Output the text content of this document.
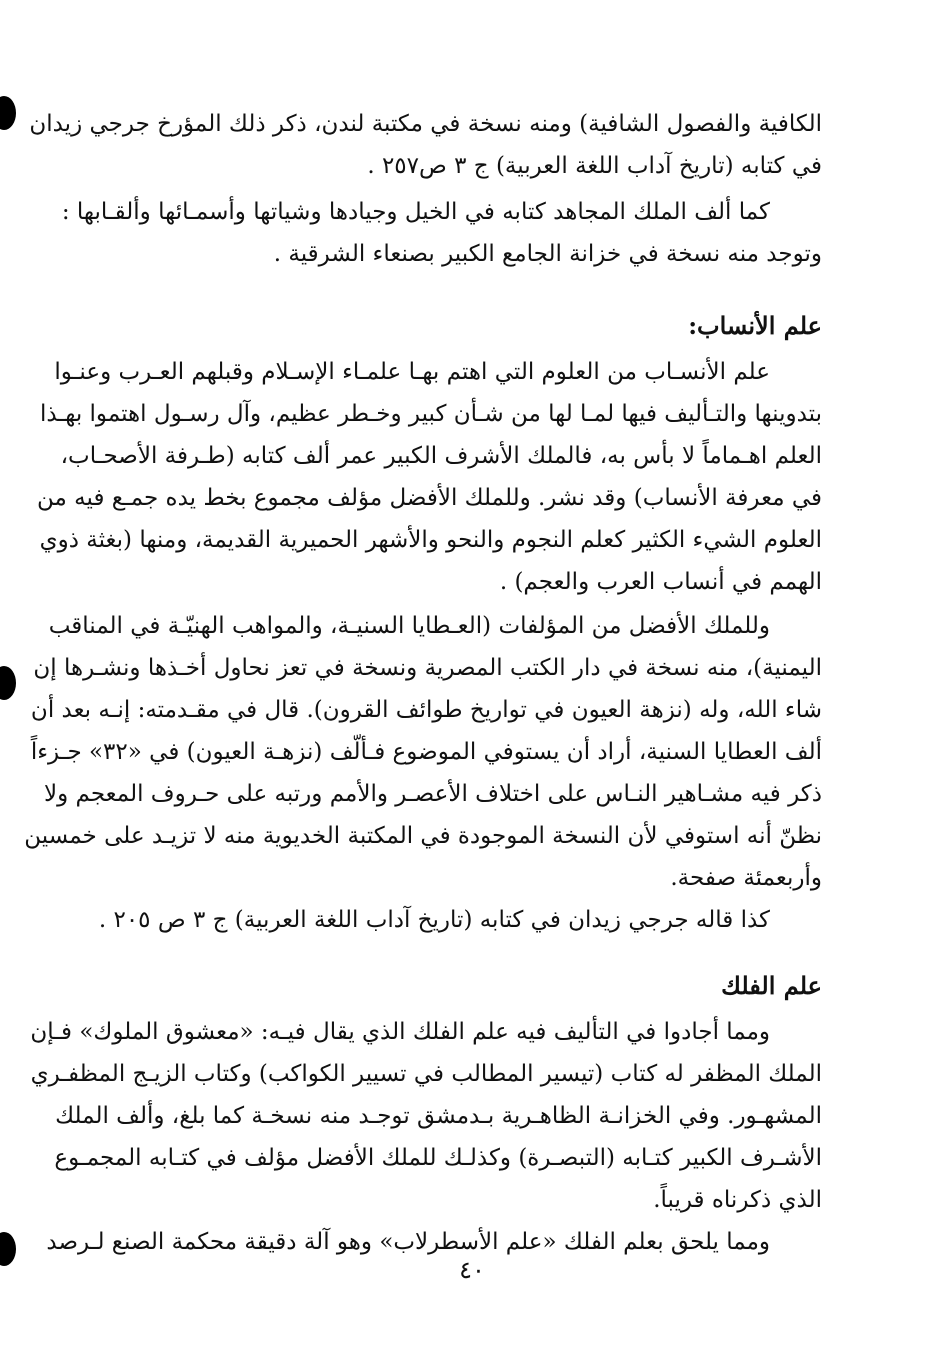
الكافية والفصول الشافية) ومنه نسخة في مكتبة لندن، ذكر ذلك المؤرخ جرجي زيدان
في كتابه (تاريخ آداب اللغة العربية) ج ٣ ص٢٥٧ .
كما ألف الملك المجاهد كتابه في الخيل وجيادها وشياتها وأسمـائها وألقـابها :
وتوجد منه نسخة في خزانة الجامع الكبير بصنعاء الشرقية .
علم الأنساب:
علم الأنسـاب من العلوم التي اهتم بهـا علمـاء الإسـلام وقبلهم العـرب وعنـوا
بتدوينها والتـأليف فيها لمـا لها من شـأن كبير وخـطر عظيم، وآل رسـول اهتموا بهـذا
العلم اهـماماً لا بأس به، فالملك الأشرف الكبير عمر ألف كتابه (طـرفة الأصحـاب،
في معرفة الأنساب) وقد نشر. وللملك الأفضل مؤلف مجموع بخط يده جمـع فيه من
العلوم الشيء الكثير كعلم النجوم والنحو والأشهر الحميرية القديمة، ومنها (بغثة ذوي
الهمم في أنساب العرب والعجم) .
وللملك الأفضل من المؤلفات (العـطايا السنيـة، والمواهب الهنيّـة في المناقب
اليمنية)، منه نسخة في دار الكتب المصرية ونسخة في تعز نحاول أخـذها ونشـرها إن
شاء الله، وله (نزهة العيون في تواريخ طوائف القرون). قال في مقـدمته: إنـه بعد أن
ألف العطايا السنية، أراد أن يستوفي الموضوع فـألّف (نزهـة العيون) في «٣٢» جـزءاً
ذكر فيه مشـاهير النـاس على اختلاف الأعصـر والأمم ورتبه على حـروف المعجم ولا
نظنّ أنه استوفي لأن النسخة الموجودة في المكتبة الخديوية منه لا تزيـد على خمسين
وأربعمئة صفحة.
كذا قاله جرجي زيدان في كتابه (تاريخ آداب اللغة العربية) ج ٣ ص ٢٠٥ .
علم الفلك
ومما أجادوا في التأليف فيه علم الفلك الذي يقال فيـه: «معشوق الملوك» فـإن
الملك المظفر له كتاب (تيسير المطالب في تسيير الكواكب) وكتاب الزيـج المظفـري
المشهـور. وفي الخزانـة الظاهـرية بـدمشق توجـد منه نسخـة كما بلغ، وألف الملك
الأشـرف الكبير كتـابه (التبصـرة) وكذلـك للملك الأفضل مؤلف في كتـابه المجمـوع
الذي ذكرناه قريباً.
ومما يلحق بعلم الفلك «علم الأسطرلاب» وهو آلة دقيقة محكمة الصنع لـرصد
٤٠
